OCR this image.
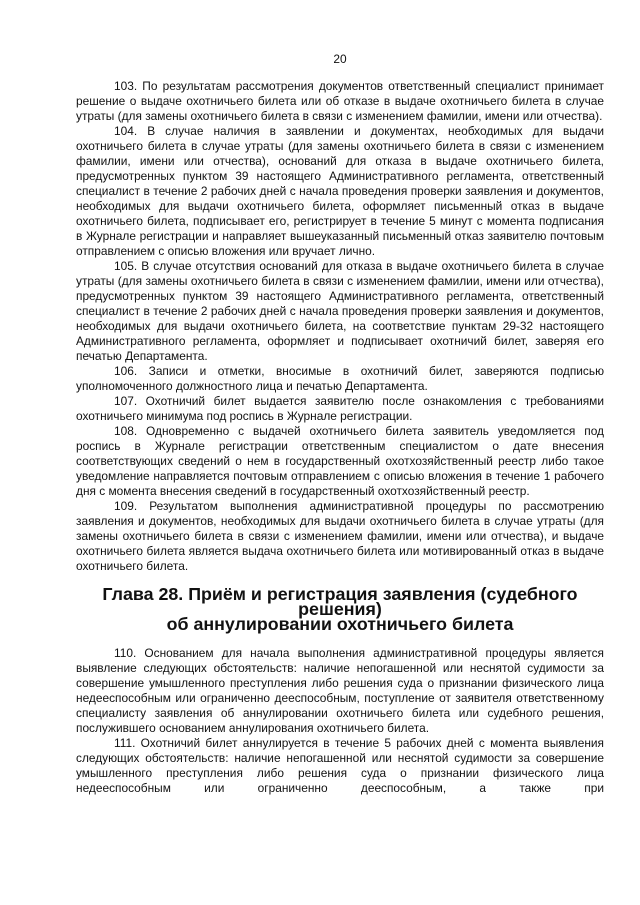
20

103. По результатам рассмотрения документов ответственный специалист принимает решение о выдаче охотничьего билета или об отказе в выдаче охотничьего билета в случае утраты (для замены охотничьего билета в связи с изменением фамилии, имени или отчества).

104. В случае наличия в заявлении и документах, необходимых для выдачи охотничьего билета в случае утраты (для замены охотничьего билета в связи с изменением фамилии, имени или отчества), оснований для отказа в выдаче охотничьего билета, предусмотренных пунктом 39 настоящего Административного регламента, ответственный специалист в течение 2 рабочих дней с начала проведения проверки заявления и документов, необходимых для выдачи охотничьего билета, оформляет письменный отказ в выдаче охотничьего билета, подписывает его, регистрирует в течение 5 минут с момента подписания в Журнале регистрации и направляет вышеуказанный письменный отказ заявителю почтовым отправлением с описью вложения или вручает лично.

105. В случае отсутствия оснований для отказа в выдаче охотничьего билета в случае утраты (для замены охотничьего билета в связи с изменением фамилии, имени или отчества), предусмотренных пунктом 39 настоящего Административного регламента, ответственный специалист в течение 2 рабочих дней с начала проведения проверки заявления и документов, необходимых для выдачи охотничьего билета, на соответствие пунктам 29-32 настоящего Административного регламента, оформляет и подписывает охотничий билет, заверяя его печатью Департамента.

106. Записи и отметки, вносимые в охотничий билет, заверяются подписью уполномоченного должностного лица и печатью Департамента.

107. Охотничий билет выдается заявителю после ознакомления с требованиями охотничьего минимума под роспись в Журнале регистрации.

108. Одновременно с выдачей охотничьего билета заявитель уведомляется под роспись в Журнале регистрации ответственным специалистом о дате внесения соответствующих сведений о нем в государственный охотхозяйственный реестр либо такое уведомление направляется почтовым отправлением с описью вложения в течение 1 рабочего дня с момента внесения сведений в государственный охотхозяйственный реестр.

109. Результатом выполнения административной процедуры по рассмотрению заявления и документов, необходимых для выдачи охотничьего билета в случае утраты (для замены охотничьего билета в связи с изменением фамилии, имени или отчества), и выдаче охотничьего билета является выдача охотничьего билета или мотивированный отказ в выдаче охотничьего билета.

Глава 28. Приём и регистрация заявления (судебного решения)
об аннулировании охотничьего билета

110. Основанием для начала выполнения административной процедуры является выявление следующих обстоятельств: наличие непогашенной или неснятой судимости за совершение умышленного преступления либо решения суда о признании физического лица недееспособным или ограниченно дееспособным, поступление от заявителя ответственному специалисту заявления об аннулировании охотничьего билета или судебного решения, послужившего основанием аннулирования охотничьего билета.

111. Охотничий билет аннулируется в течение 5 рабочих дней с момента выявления следующих обстоятельств: наличие непогашенной или неснятой судимости за совершение умышленного преступления либо решения суда о признании физического лица недееспособным или ограниченно дееспособным, а также при
